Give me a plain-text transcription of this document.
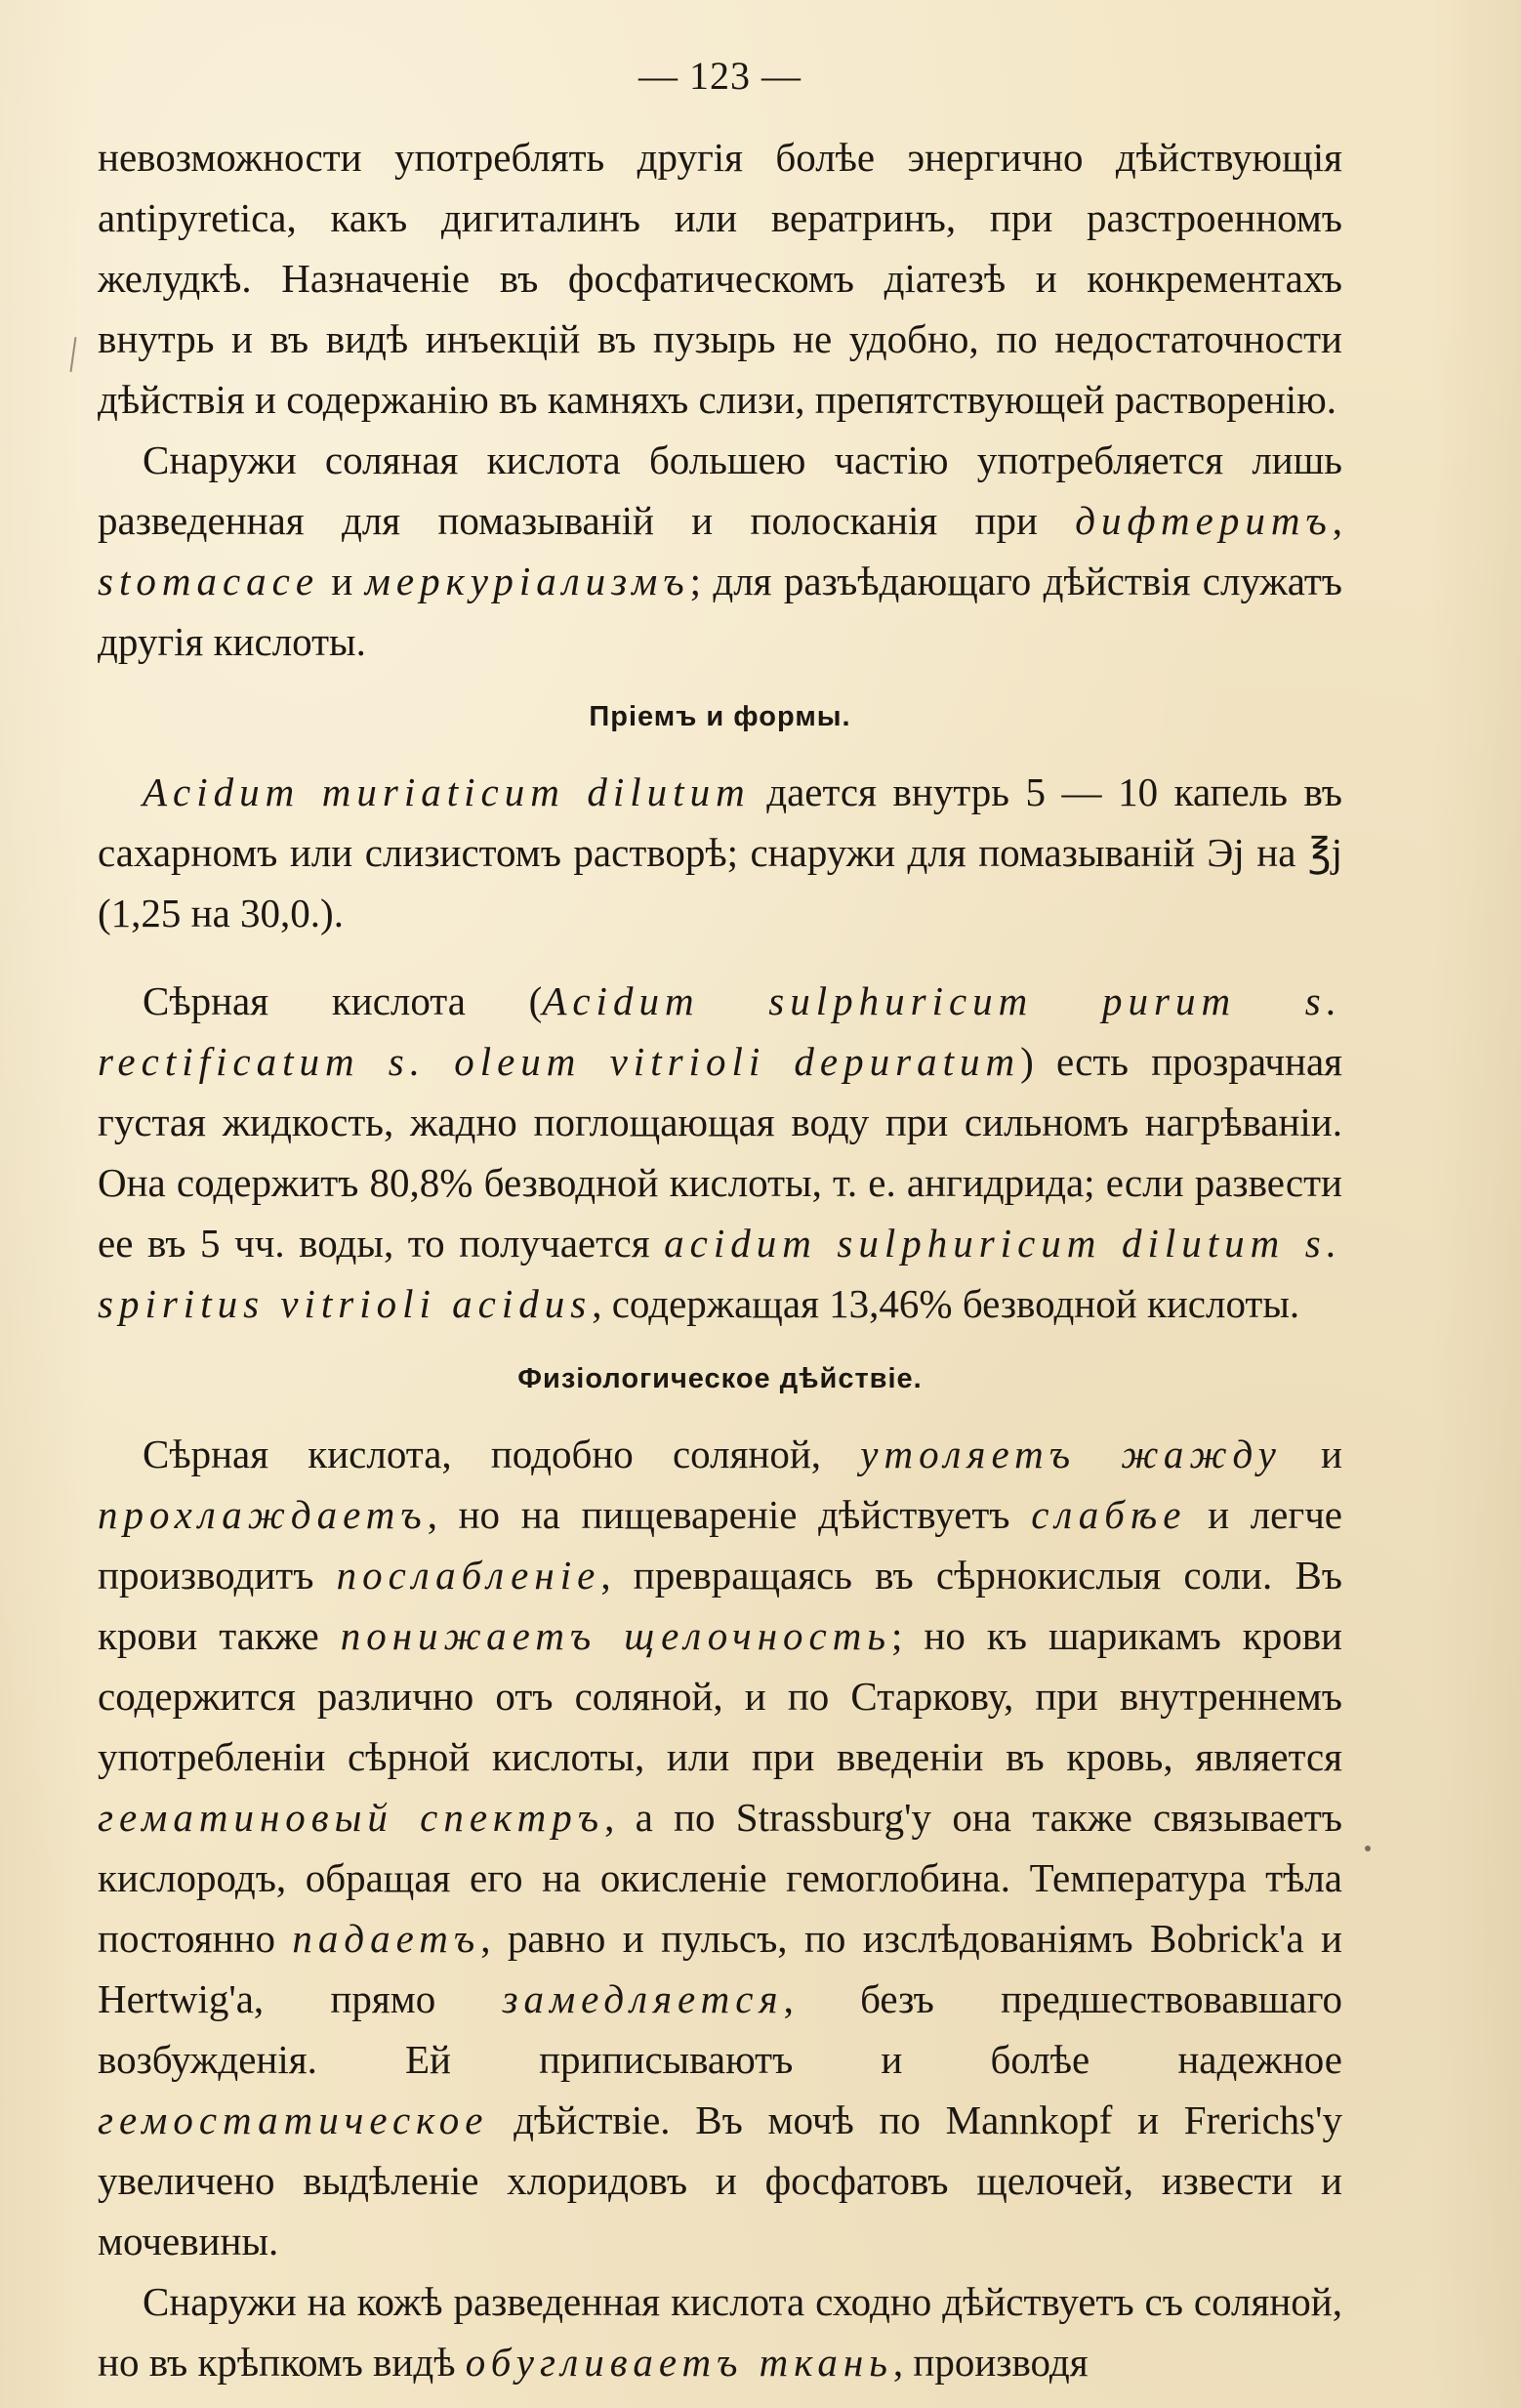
— 123 —

невозможности употреблять другія болѣе энергично дѣйствующія antipyretica, какъ дигиталинъ или вератринъ, при разстроенномъ желудкѣ. Назначеніе въ фосфатическомъ діатезѣ и конкрементахъ внутрь и въ видѣ инъекцій въ пузырь не удобно, по недостаточности дѣйствія и содержанію въ камняхъ слизи, препятствующей растворенію.

Снаружи соляная кислота большею частію употребляется лишь разведенная для помазываній и полосканія при дифтеритъ, stomacace и меркуріализмъ; для разъѣдающаго дѣйствія служатъ другія кислоты.

Пріемъ и формы.

Acidum muriaticum dilutum дается внутрь 5 — 10 капель въ сахарномъ или слизистомъ растворѣ; снаружи для помазываній Эj на ℥j (1,25 на 30,0.).

Сѣрная кислота (Acidum sulphuricum purum s. rectificatum s. oleum vitrioli depuratum) есть прозрачная густая жидкость, жадно поглощающая воду при сильномъ нагрѣваніи. Она содержитъ 80,8% безводной кислоты, т. е. ангидрида; если развести ее въ 5 чч. воды, то получается acidum sulphuricum dilutum s. spiritus vitrioli acidus, содержащая 13,46% безводной кислоты.

Физіологическое дѣйствіе.

Сѣрная кислота, подобно соляной, утоляетъ жажду и прохлаждаетъ, но на пищевареніе дѣйствуетъ слабѣе и легче производитъ послабленіе, превращаясь въ сѣрнокислыя соли. Въ крови также понижаетъ щелочность; но къ шарикамъ крови содержится различно отъ соляной, и по Старкову, при внутреннемъ употребленіи сѣрной кислоты, или при введеніи въ кровь, является гематиновый спектръ, а по Strassburg'у она также связываетъ кислородъ, обращая его на окисленіе гемоглобина. Температура тѣла постоянно падаетъ, равно и пульсъ, по изслѣдованіямъ Bobrick'а и Hertwig'а, прямо замедляется, безъ предшествовавшаго возбужденія. Ей приписываютъ и болѣе надежное гемостатическое дѣйствіе. Въ мочѣ по Mannkopf и Frerichs'у увеличено выдѣленіе хлоридовъ и фосфатовъ щелочей, извести и мочевины.

Снаружи на кожѣ разведенная кислота сходно дѣйствуетъ съ соляной, но въ крѣпкомъ видѣ обугливаетъ ткань, производя
